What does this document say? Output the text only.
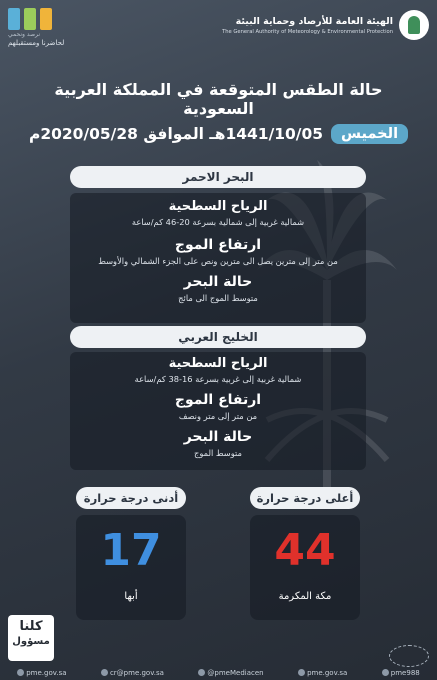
نرصد ونحمي
لحاضرنا ومستقبلهم
الهيئة العامة للأرصاد وحماية البيئة
The General Authority of Meteorology & Environmental Protection
حالة الطقس المتوقعة في المملكة العربية السعودية
الخميس
1441/10/05هـ الموافق 2020/05/28م
البحر الاحمر
الرياح السطحية
شمالية غربية إلى شمالية بسرعة 20-46 كم/ساعة
ارتفاع الموج
من متر إلى مترين يصل الى مترين ونص على الجزء الشمالي والأوسط
حالة البحر
متوسط الموج الى مائج
الخليج العربي
الرياح السطحية
شمالية غربية إلى غربية بسرعة 16-38 كم/ساعة
ارتفاع الموج
من متر إلى متر ونصف
حالة البحر
متوسط الموج
أدنى درجة حرارة
17
أبها
أعلى درجة حرارة
44
مكة المكرمة
كلنا
مسؤول
pme.gov.sa	cr@pme.gov.sa	@pmeMediacen	pme.gov.sa	pme988
